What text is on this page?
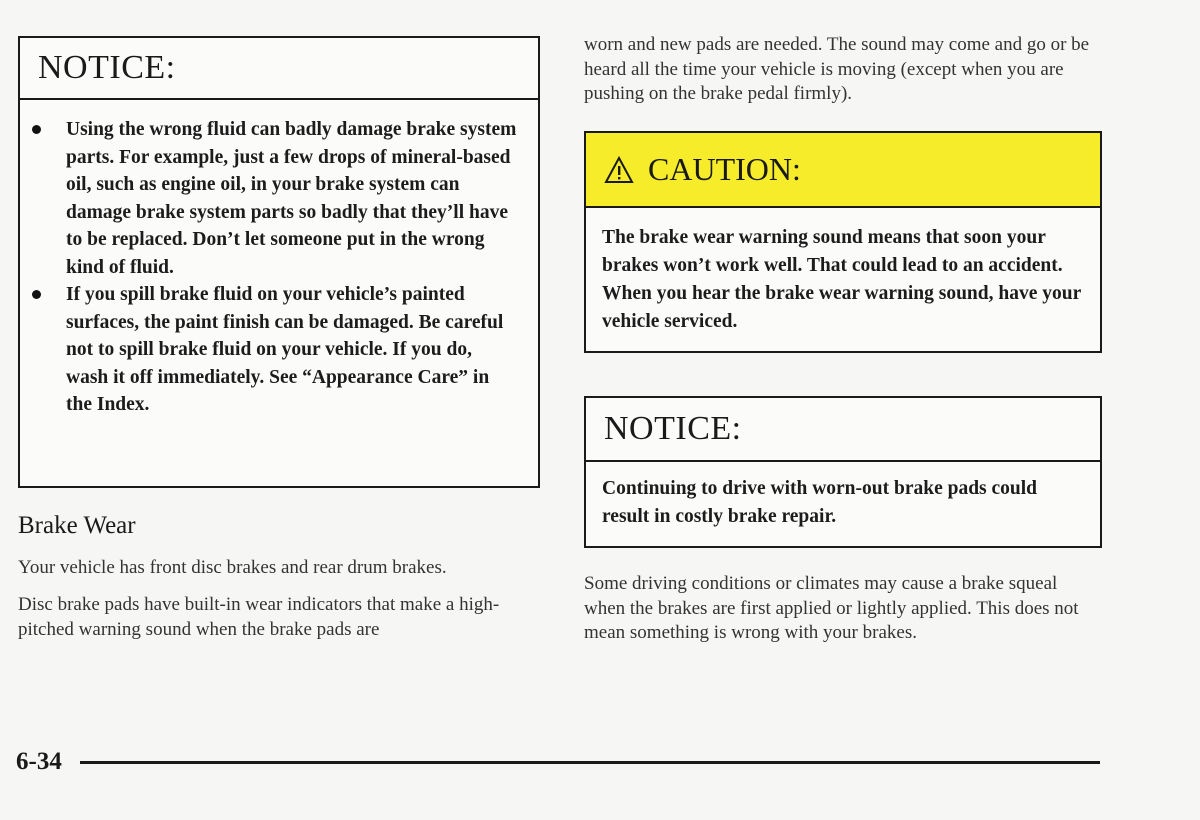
NOTICE:
Using the wrong fluid can badly damage brake system parts. For example, just a few drops of mineral-based oil, such as engine oil, in your brake system can damage brake system parts so badly that they’ll have to be replaced. Don’t let someone put in the wrong kind of fluid.
If you spill brake fluid on your vehicle’s painted surfaces, the paint finish can be damaged. Be careful not to spill brake fluid on your vehicle. If you do, wash it off immediately. See “Appearance Care” in the Index.
Brake Wear

Your vehicle has front disc brakes and rear drum brakes.

Disc brake pads have built-in wear indicators that make a high-pitched warning sound when the brake pads are

worn and new pads are needed. The sound may come and go or be heard all the time your vehicle is moving (except when you are pushing on the brake pedal firmly).

CAUTION:

The brake wear warning sound means that soon your brakes won’t work well. That could lead to an accident. When you hear the brake wear warning sound, have your vehicle serviced.

NOTICE:

Continuing to drive with worn-out brake pads could result in costly brake repair.

Some driving conditions or climates may cause a brake squeal when the brakes are first applied or lightly applied. This does not mean something is wrong with your brakes.

6-34
